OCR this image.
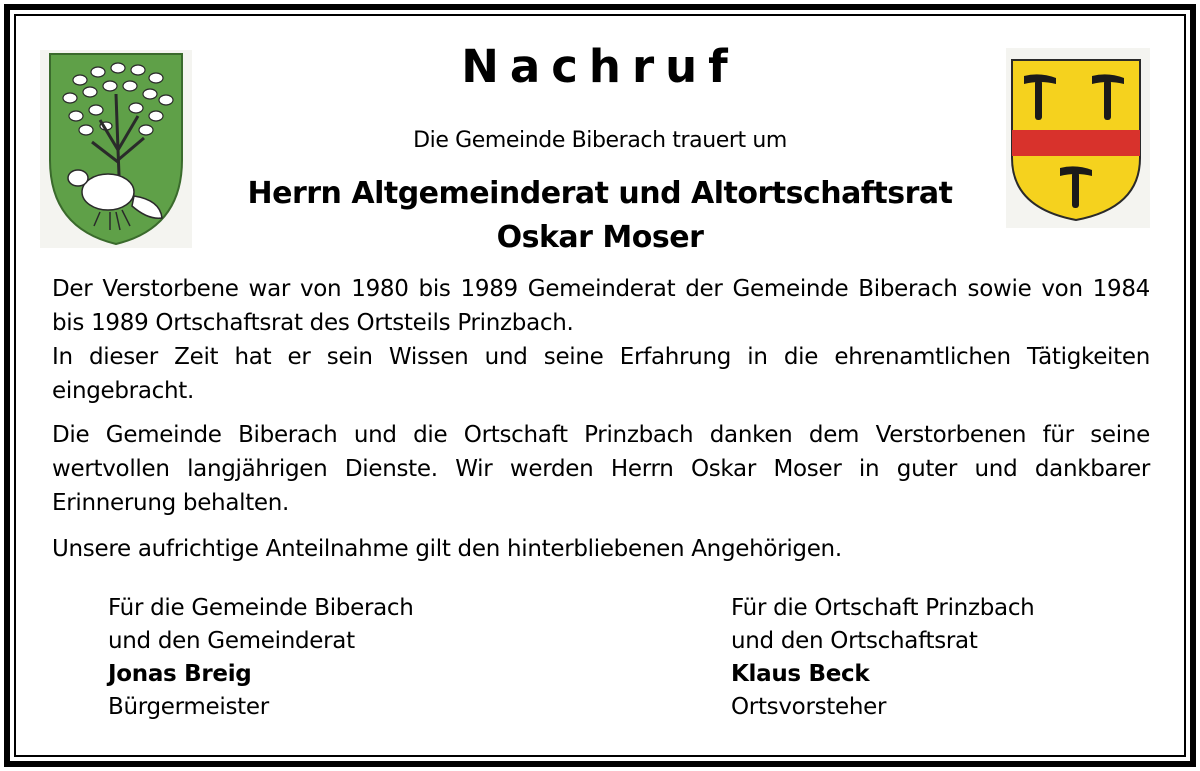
Nachruf
Die Gemeinde Biberach trauert um
Herrn Altgemeinderat und Altortschaftsrat
Oskar Moser

Der Verstorbene war von 1980 bis 1989 Gemeinderat der Gemeinde Biberach sowie von 1984 bis 1989 Ortschaftsrat des Ortsteils Prinzbach.

In dieser Zeit hat er sein Wissen und seine Erfahrung in die ehrenamtlichen Tätigkeiten eingebracht.

Die Gemeinde Biberach und die Ortschaft Prinzbach danken dem Verstorbenen für seine wertvollen langjährigen Dienste. Wir werden Herrn Oskar Moser in guter und dankbarer Erinnerung behalten.

Unsere aufrichtige Anteilnahme gilt den hinterbliebenen Angehörigen.

Für die Gemeinde Biberach
und den Gemeinderat
Jonas Breig
Bürgermeister
Für die Ortschaft Prinzbach
und den Ortschaftsrat
Klaus Beck
Ortsvorsteher
